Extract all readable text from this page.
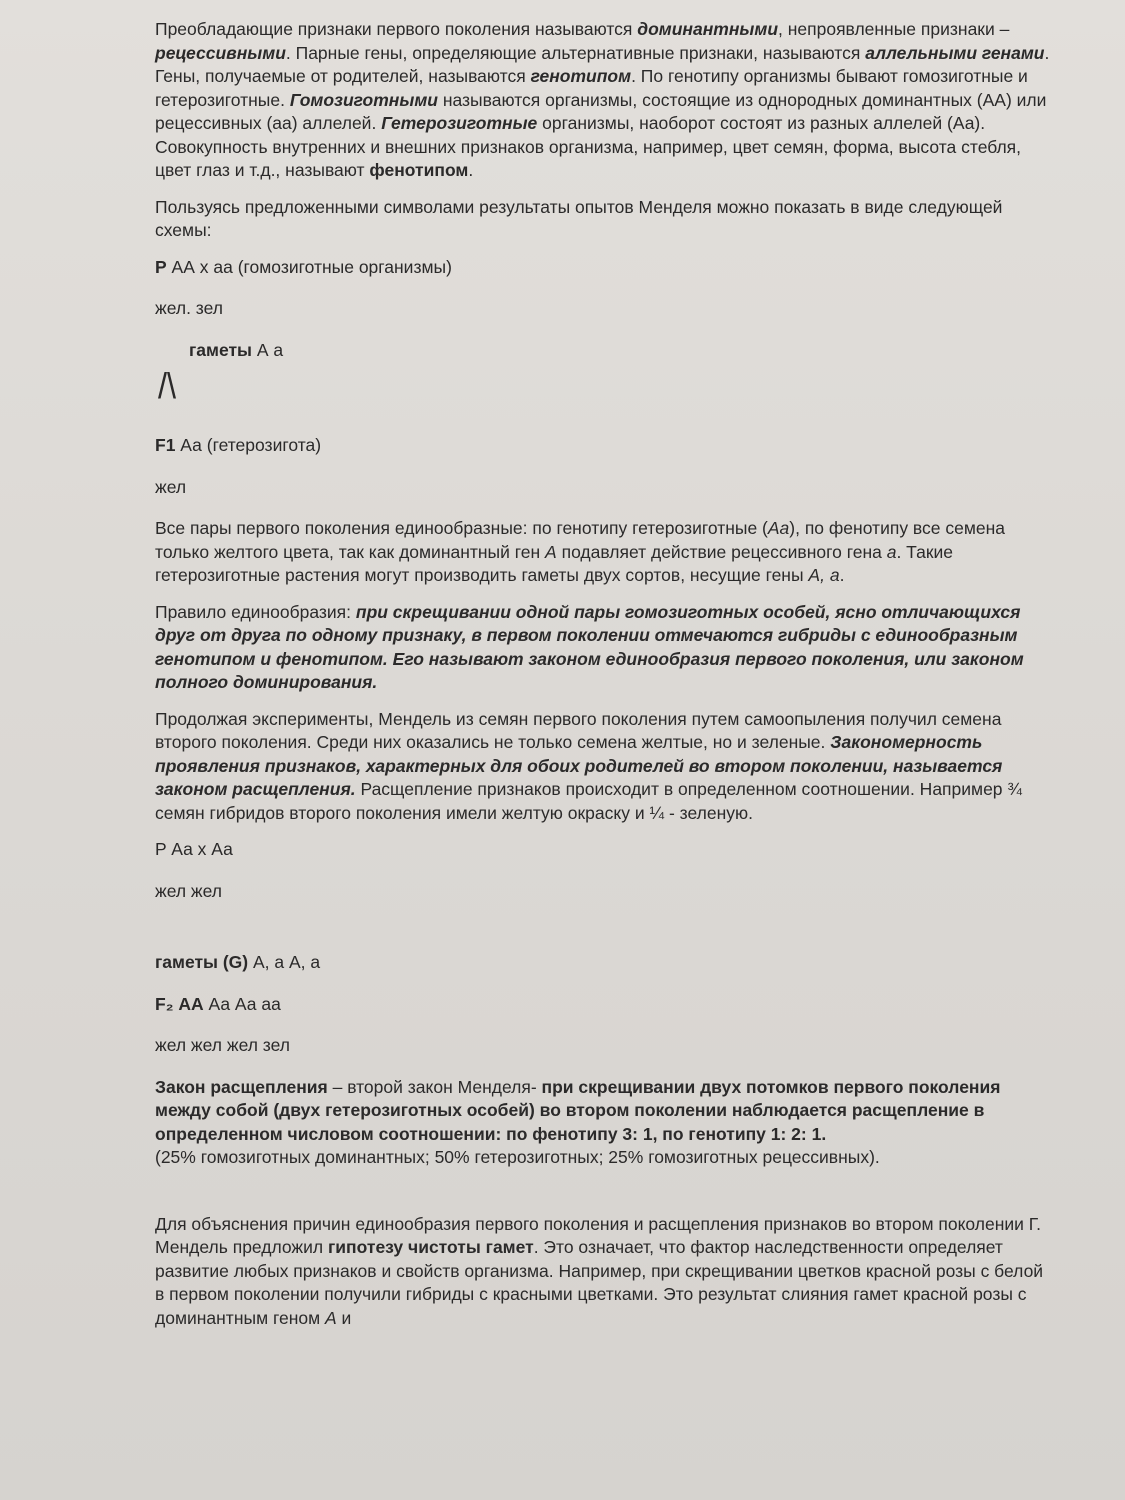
Преобладающие признаки первого поколения называются доминантными, непроявленные признаки – рецессивными. Парные гены, определяющие альтернативные признаки, называются аллельными генами. Гены, получаемые от родителей, называются генотипом. По генотипу организмы бывают гомозиготные и гетерозиготные. Гомозиготными называются организмы, состоящие из однородных доминантных (АА) или рецессивных (аа) аллелей. Гетерозиготные организмы, наоборот состоят из разных аллелей (Аа). Совокупность внутренних и внешних признаков организма, например, цвет семян, форма, высота стебля, цвет глаз и т.д., называют фенотипом.

Пользуясь предложенными символами результаты опытов Менделя можно показать в виде следующей схемы:

P АА х аа (гомозиготные организмы)

жел. зел

гаметы А а

/\

F1 Аа (гетерозигота)

жел

Все пары первого поколения единообразные: по генотипу гетерозиготные (Аа), по фенотипу все семена только желтого цвета, так как доминантный ген А подавляет действие рецессивного гена а. Такие гетерозиготные растения могут производить гаметы двух сортов, несущие гены А, а.

Правило единообразия: при скрещивании одной пары гомозиготных особей, ясно отличающихся друг от друга по одному признаку, в первом поколении отмечаются гибриды с единообразным генотипом и фенотипом. Его называют законом единообразия первого поколения, или законом полного доминирования.

Продолжая эксперименты, Мендель из семян первого поколения путем самоопыления получил семена второго поколения. Среди них оказались не только семена желтые, но и зеленые. Закономерность проявления признаков, характерных для обоих родителей во втором поколении, называется законом расщепления. Расщепление признаков происходит в определенном соотношении. Например ¾ семян гибридов второго поколения имели желтую окраску и ¼ - зеленую.

P Аа х Аа

жел жел

гаметы (G) А, а А, а

F₂ АА Аа Аа аа

жел жел жел зел

Закон расщепления – второй закон Менделя- при скрещивании двух потомков первого поколения между собой (двух гетерозиготных особей) во втором поколении наблюдается расщепление в определенном числовом соотношении: по фенотипу 3: 1, по генотипу 1: 2: 1.
(25% гомозиготных доминантных; 50% гетерозиготных; 25% гомозиготных рецессивных).

Для объяснения причин единообразия первого поколения и расщепления признаков во втором поколении Г. Мендель предложил гипотезу чистоты гамет. Это означает, что фактор наследственности определяет развитие любых признаков и свойств организма. Например, при скрещивании цветков красной розы с белой в первом поколении получили гибриды с красными цветками. Это результат слияния гамет красной розы с доминантным геном А и
